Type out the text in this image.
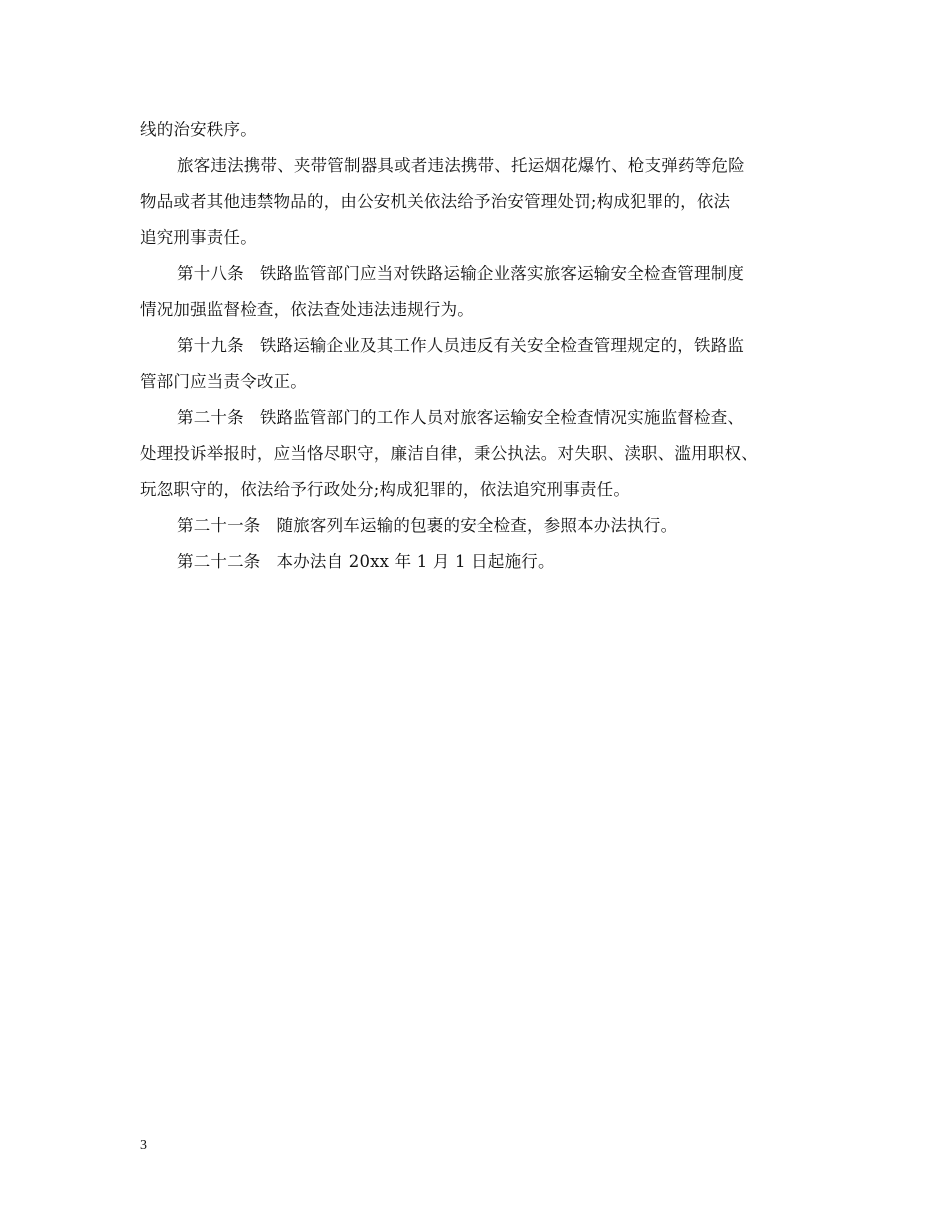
线的治安秩序。
旅客违法携带、夹带管制器具或者违法携带、托运烟花爆竹、枪支弹药等危险
物品或者其他违禁物品的，由公安机关依法给予治安管理处罚;构成犯罪的，依法
追究刑事责任。
第十八条 铁路监管部门应当对铁路运输企业落实旅客运输安全检查管理制度
情况加强监督检查，依法查处违法违规行为。
第十九条 铁路运输企业及其工作人员违反有关安全检查管理规定的，铁路监
管部门应当责令改正。
第二十条 铁路监管部门的工作人员对旅客运输安全检查情况实施监督检查、
处理投诉举报时，应当恪尽职守，廉洁自律，秉公执法。对失职、渎职、滥用职权、
玩忽职守的，依法给予行政处分;构成犯罪的，依法追究刑事责任。
第二十一条 随旅客列车运输的包裹的安全检查，参照本办法执行。
第二十二条 本办法自 20xx 年 1 月 1 日起施行。
3
